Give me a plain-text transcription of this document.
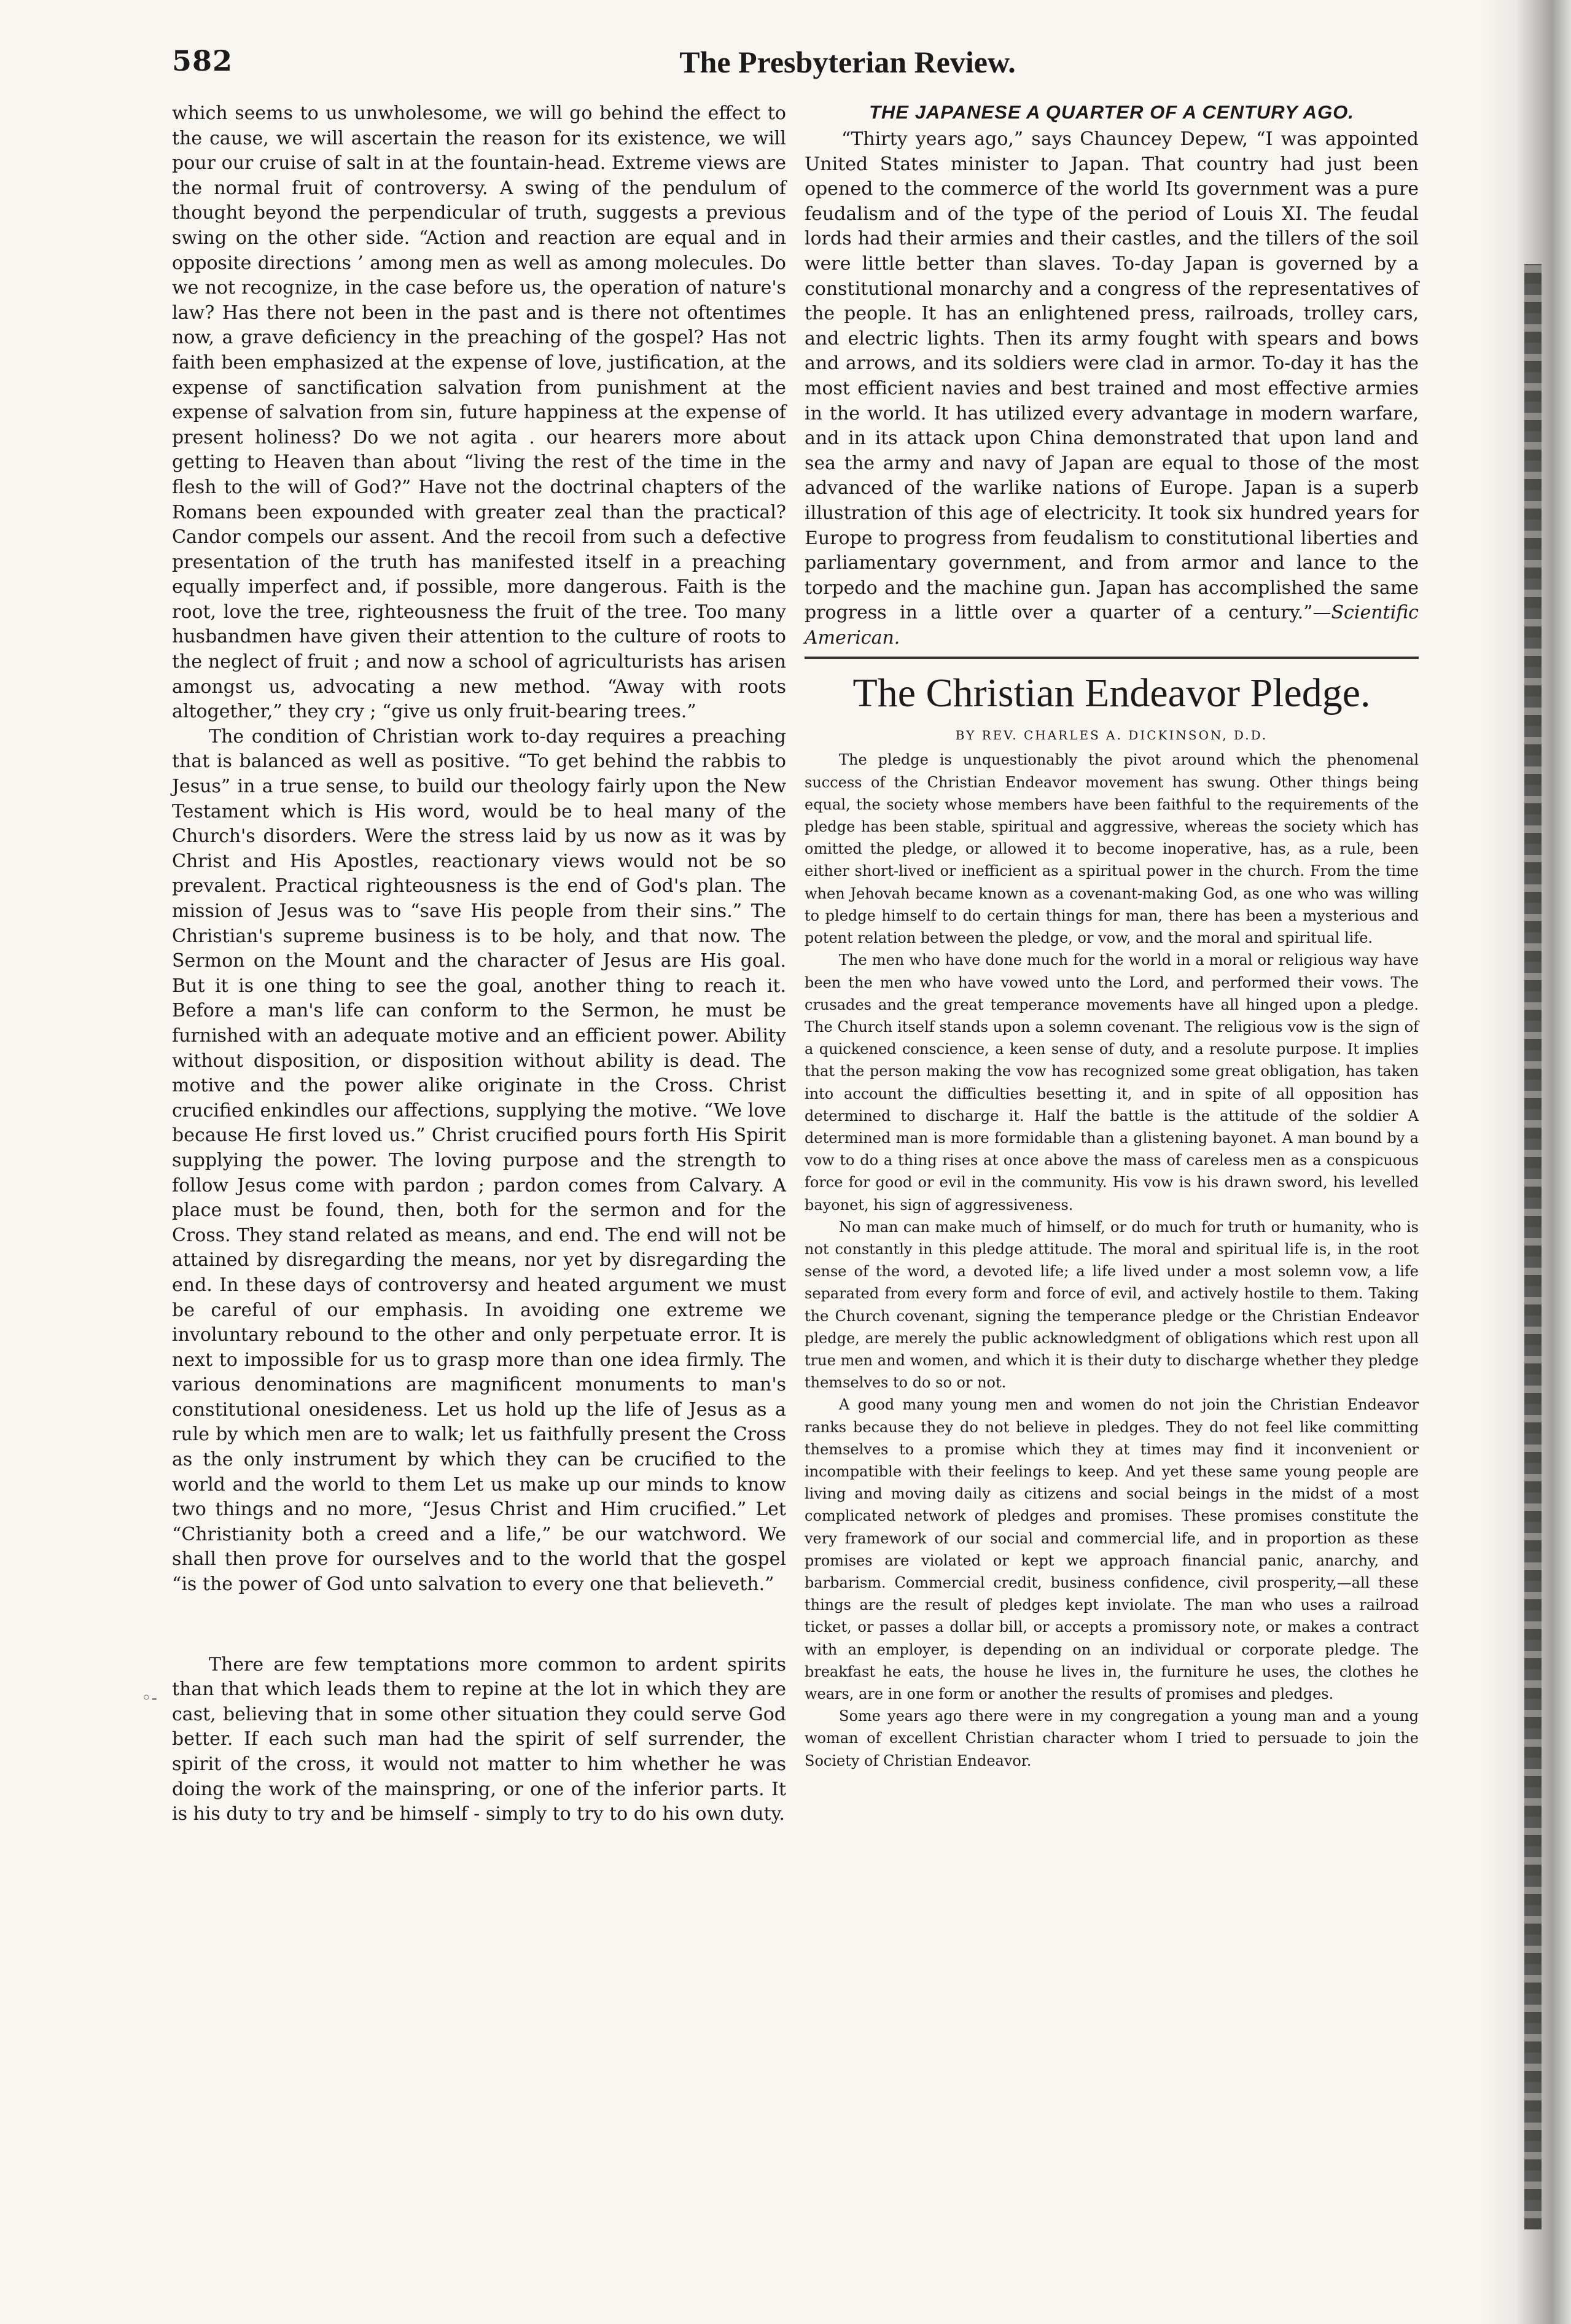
582	The Presbyterian Review.

which seems to us unwholesome, we will go behind the effect to the cause, we will ascertain the reason for its existence, we will pour our cruise of salt in at the fountain-head. Extreme views are the normal fruit of controversy. A swing of the pendulum of thought beyond the perpendicular of truth, suggests a previous swing on the other side. “Action and reaction are equal and in opposite directions ’ among men as well as among molecules. Do we not recognize, in the case before us, the operation of nature's law? Has there not been in the past and is there not oftentimes now, a grave deficiency in the preaching of the gospel? Has not faith been emphasized at the expense of love, justification, at the expense of sanctification salvation from punishment at the expense of salvation from sin, future happiness at the expense of present holiness? Do we not agita . our hearers more about getting to Heaven than about “living the rest of the time in the flesh to the will of God?” Have not the doctrinal chapters of the Romans been expounded with greater zeal than the practical? Candor compels our assent. And the recoil from such a defective presentation of the truth has manifested itself in a preaching equally imperfect and, if possible, more dangerous. Faith is the root, love the tree, righteousness the fruit of the tree. Too many husbandmen have given their attention to the culture of roots to the neglect of fruit ; and now a school of agriculturists has arisen amongst us, advocating a new method. “Away with roots altogether,” they cry ; “give us only fruit-bearing trees.”

The condition of Christian work to-day requires a preaching that is balanced as well as positive. “To get behind the rabbis to Jesus” in a true sense, to build our theology fairly upon the New Testament which is His word, would be to heal many of the Church's disorders. Were the stress laid by us now as it was by Christ and His Apostles, reactionary views would not be so prevalent. Practical righteousness is the end of God's plan. The mission of Jesus was to “save His people from their sins.” The Christian's supreme business is to be holy, and that now. The Sermon on the Mount and the character of Jesus are His goal. But it is one thing to see the goal, another thing to reach it. Before a man's life can conform to the Sermon, he must be furnished with an adequate motive and an efficient power. Ability without disposition, or disposition without ability is dead. The motive and the power alike originate in the Cross. Christ crucified enkindles our affections, supplying the motive. “We love because He first loved us.” Christ crucified pours forth His Spirit supplying the power. The loving purpose and the strength to follow Jesus come with pardon ; pardon comes from Calvary. A place must be found, then, both for the sermon and for the Cross. They stand related as means, and end. The end will not be attained by disregarding the means, nor yet by disregarding the end. In these days of controversy and heated argument we must be careful of our emphasis. In avoiding one extreme we involuntary rebound to the other and only perpetuate error. It is next to impossible for us to grasp more than one idea firmly. The various denominations are magnificent monuments to man's constitutional onesideness. Let us hold up the life of Jesus as a rule by which men are to walk; let us faithfully present the Cross as the only instrument by which they can be crucified to the world and the world to them Let us make up our minds to know two things and no more, “Jesus Christ and Him crucified.” Let “Christianity both a creed and a life,” be our watchword. We shall then prove for ourselves and to the world that the gospel “is the power of God unto salvation to every one that believeth.”

There are few temptations more common to ardent spirits than that which leads them to repine at the lot in which they are cast, believing that in some other situation they could serve God better. If each such man had the spirit of self surrender, the spirit of the cross, it would not matter to him whether he was doing the work of the mainspring, or one of the inferior parts. It is his duty to try and be himself - simply to try to do his own duty.

THE JAPANESE A QUARTER OF A CENTURY AGO.

“Thirty years ago,” says Chauncey Depew, “I was appointed United States minister to Japan. That country had just been opened to the commerce of the world Its government was a pure feudalism and of the type of the period of Louis XI. The feudal lords had their armies and their castles, and the tillers of the soil were little better than slaves. To-day Japan is governed by a constitutional monarchy and a congress of the representatives of the people. It has an enlightened press, railroads, trolley cars, and electric lights. Then its army fought with spears and bows and arrows, and its soldiers were clad in armor. To-day it has the most efficient navies and best trained and most effective armies in the world. It has utilized every advantage in modern warfare, and in its attack upon China demonstrated that upon land and sea the army and navy of Japan are equal to those of the most advanced of the warlike nations of Europe. Japan is a superb illustration of this age of electricity. It took six hundred years for Europe to progress from feudalism to constitutional liberties and parliamentary government, and from armor and lance to the torpedo and the machine gun. Japan has accomplished the same progress in a little over a quarter of a century.”—Scientific American.

The Christian Endeavor Pledge.
BY REV. CHARLES A. DICKINSON, D.D.

The pledge is unquestionably the pivot around which the phenomenal success of the Christian Endeavor movement has swung. Other things being equal, the society whose members have been faithful to the requirements of the pledge has been stable, spiritual and aggressive, whereas the society which has omitted the pledge, or allowed it to become inoperative, has, as a rule, been either short-lived or inefficient as a spiritual power in the church. From the time when Jehovah became known as a covenant-making God, as one who was willing to pledge himself to do certain things for man, there has been a mysterious and potent relation between the pledge, or vow, and the moral and spiritual life.

The men who have done much for the world in a moral or religious way have been the men who have vowed unto the Lord, and performed their vows. The crusades and the great temperance movements have all hinged upon a pledge. The Church itself stands upon a solemn covenant. The religious vow is the sign of a quickened conscience, a keen sense of duty, and a resolute purpose. It implies that the person making the vow has recognized some great obligation, has taken into account the difficulties besetting it, and in spite of all opposition has determined to discharge it. Half the battle is the attitude of the soldier A determined man is more formidable than a glistening bayonet. A man bound by a vow to do a thing rises at once above the mass of careless men as a conspicuous force for good or evil in the community. His vow is his drawn sword, his levelled bayonet, his sign of aggressiveness.

No man can make much of himself, or do much for truth or humanity, who is not constantly in this pledge attitude. The moral and spiritual life is, in the root sense of the word, a devoted life; a life lived under a most solemn vow, a life separated from every form and force of evil, and actively hostile to them. Taking the Church covenant, signing the temperance pledge or the Christian Endeavor pledge, are merely the public acknowledgment of obligations which rest upon all true men and women, and which it is their duty to discharge whether they pledge themselves to do so or not.

A good many young men and women do not join the Christian Endeavor ranks because they do not believe in pledges. They do not feel like committing themselves to a promise which they at times may find it inconvenient or incompatible with their feelings to keep. And yet these same young people are living and moving daily as citizens and social beings in the midst of a most complicated network of pledges and promises. These promises constitute the very framework of our social and commercial life, and in proportion as these promises are violated or kept we approach financial panic, anarchy, and barbarism. Commercial credit, business confidence, civil prosperity,—all these things are the result of pledges kept inviolate. The man who uses a railroad ticket, or passes a dollar bill, or accepts a promissory note, or makes a contract with an employer, is depending on an individual or corporate pledge. The breakfast he eats, the house he lives in, the furniture he uses, the clothes he wears, are in one form or another the results of promises and pledges.

Some years ago there were in my congregation a young man and a young woman of excellent Christian character whom I tried to persuade to join the Society of Christian Endeavor.

◦-
